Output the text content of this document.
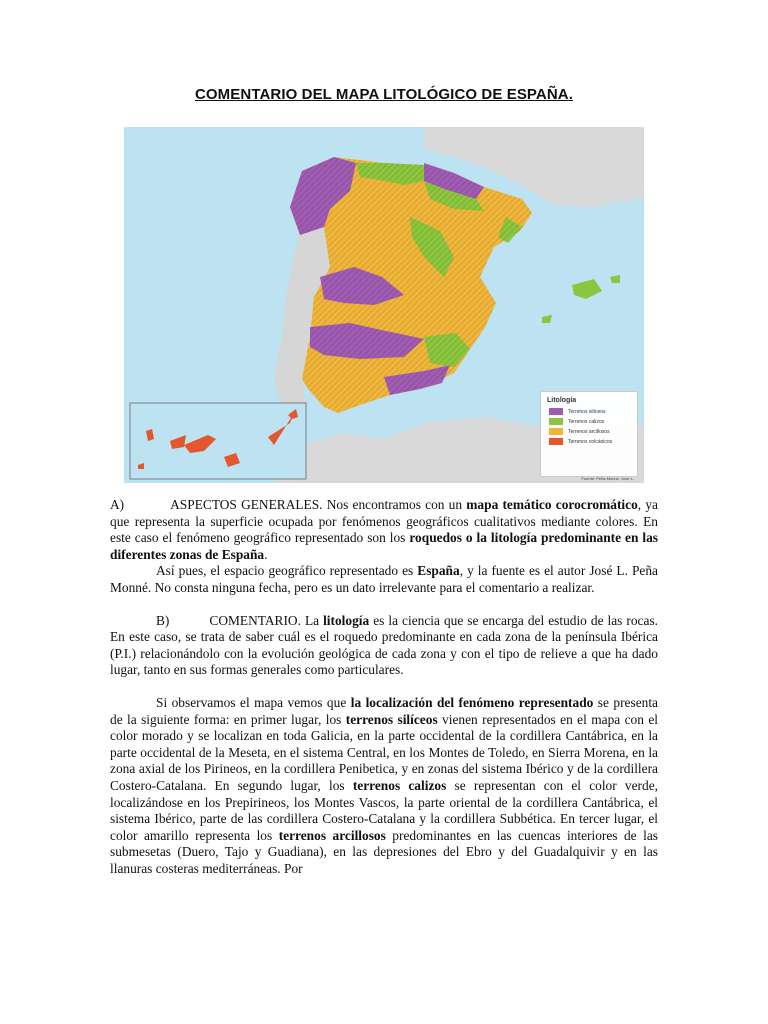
COMENTARIO DEL MAPA LITOLÓGICO DE ESPAÑA.
Litología
Terrenos silíceos
Terrenos calizos
Terrenos arcillosos
Terrenos volcánicos
Fuente: Peña Monné, José L.

A)	ASPECTOS GENERALES. Nos encontramos con un mapa temático corocromático, ya que representa la superficie ocupada por fenómenos geográficos cualitativos mediante colores. En este caso el fenómeno geográfico representado son los roquedos o la litología predominante en las diferentes zonas de España.

Así pues, el espacio geográfico representado es España, y la fuente es el autor José L. Peña Monné. No consta ninguna fecha, pero es un dato irrelevante para el comentario a realizar.

B)	COMENTARIO. La litología es la ciencia que se encarga del estudio de las rocas. En este caso, se trata de saber cuál es el roquedo predominante en cada zona de la península Ibérica (P.I.) relacionándolo con la evolución geológica de cada zona y con el tipo de relieve a que ha dado lugar, tanto en sus formas generales como particulares.

Si observamos el mapa vemos que la localización del fenómeno representado se presenta de la siguiente forma: en primer lugar, los terrenos silíceos vienen representados en el mapa con el color morado y se localizan en toda Galicia, en la parte occidental de la cordillera Cantábrica, en la parte occidental de la Meseta, en el sistema Central, en los Montes de Toledo, en Sierra Morena, en la zona axial de los Pirineos, en la cordillera Penibetica, y en zonas del sistema Ibérico y de la cordillera Costero-Catalana. En segundo lugar, los terrenos calizos se representan con el color verde, localizándose en los Prepirineos, los Montes Vascos, la parte oriental de la cordillera Cantábrica, el sistema Ibérico, parte de las cordillera Costero-Catalana y la cordillera Subbética. En tercer lugar, el color amarillo representa los terrenos arcillosos predominantes en las cuencas interiores de las submesetas (Duero, Tajo y Guadiana), en las depresiones del Ebro y del Guadalquivir y en las llanuras costeras mediterráneas. Por
